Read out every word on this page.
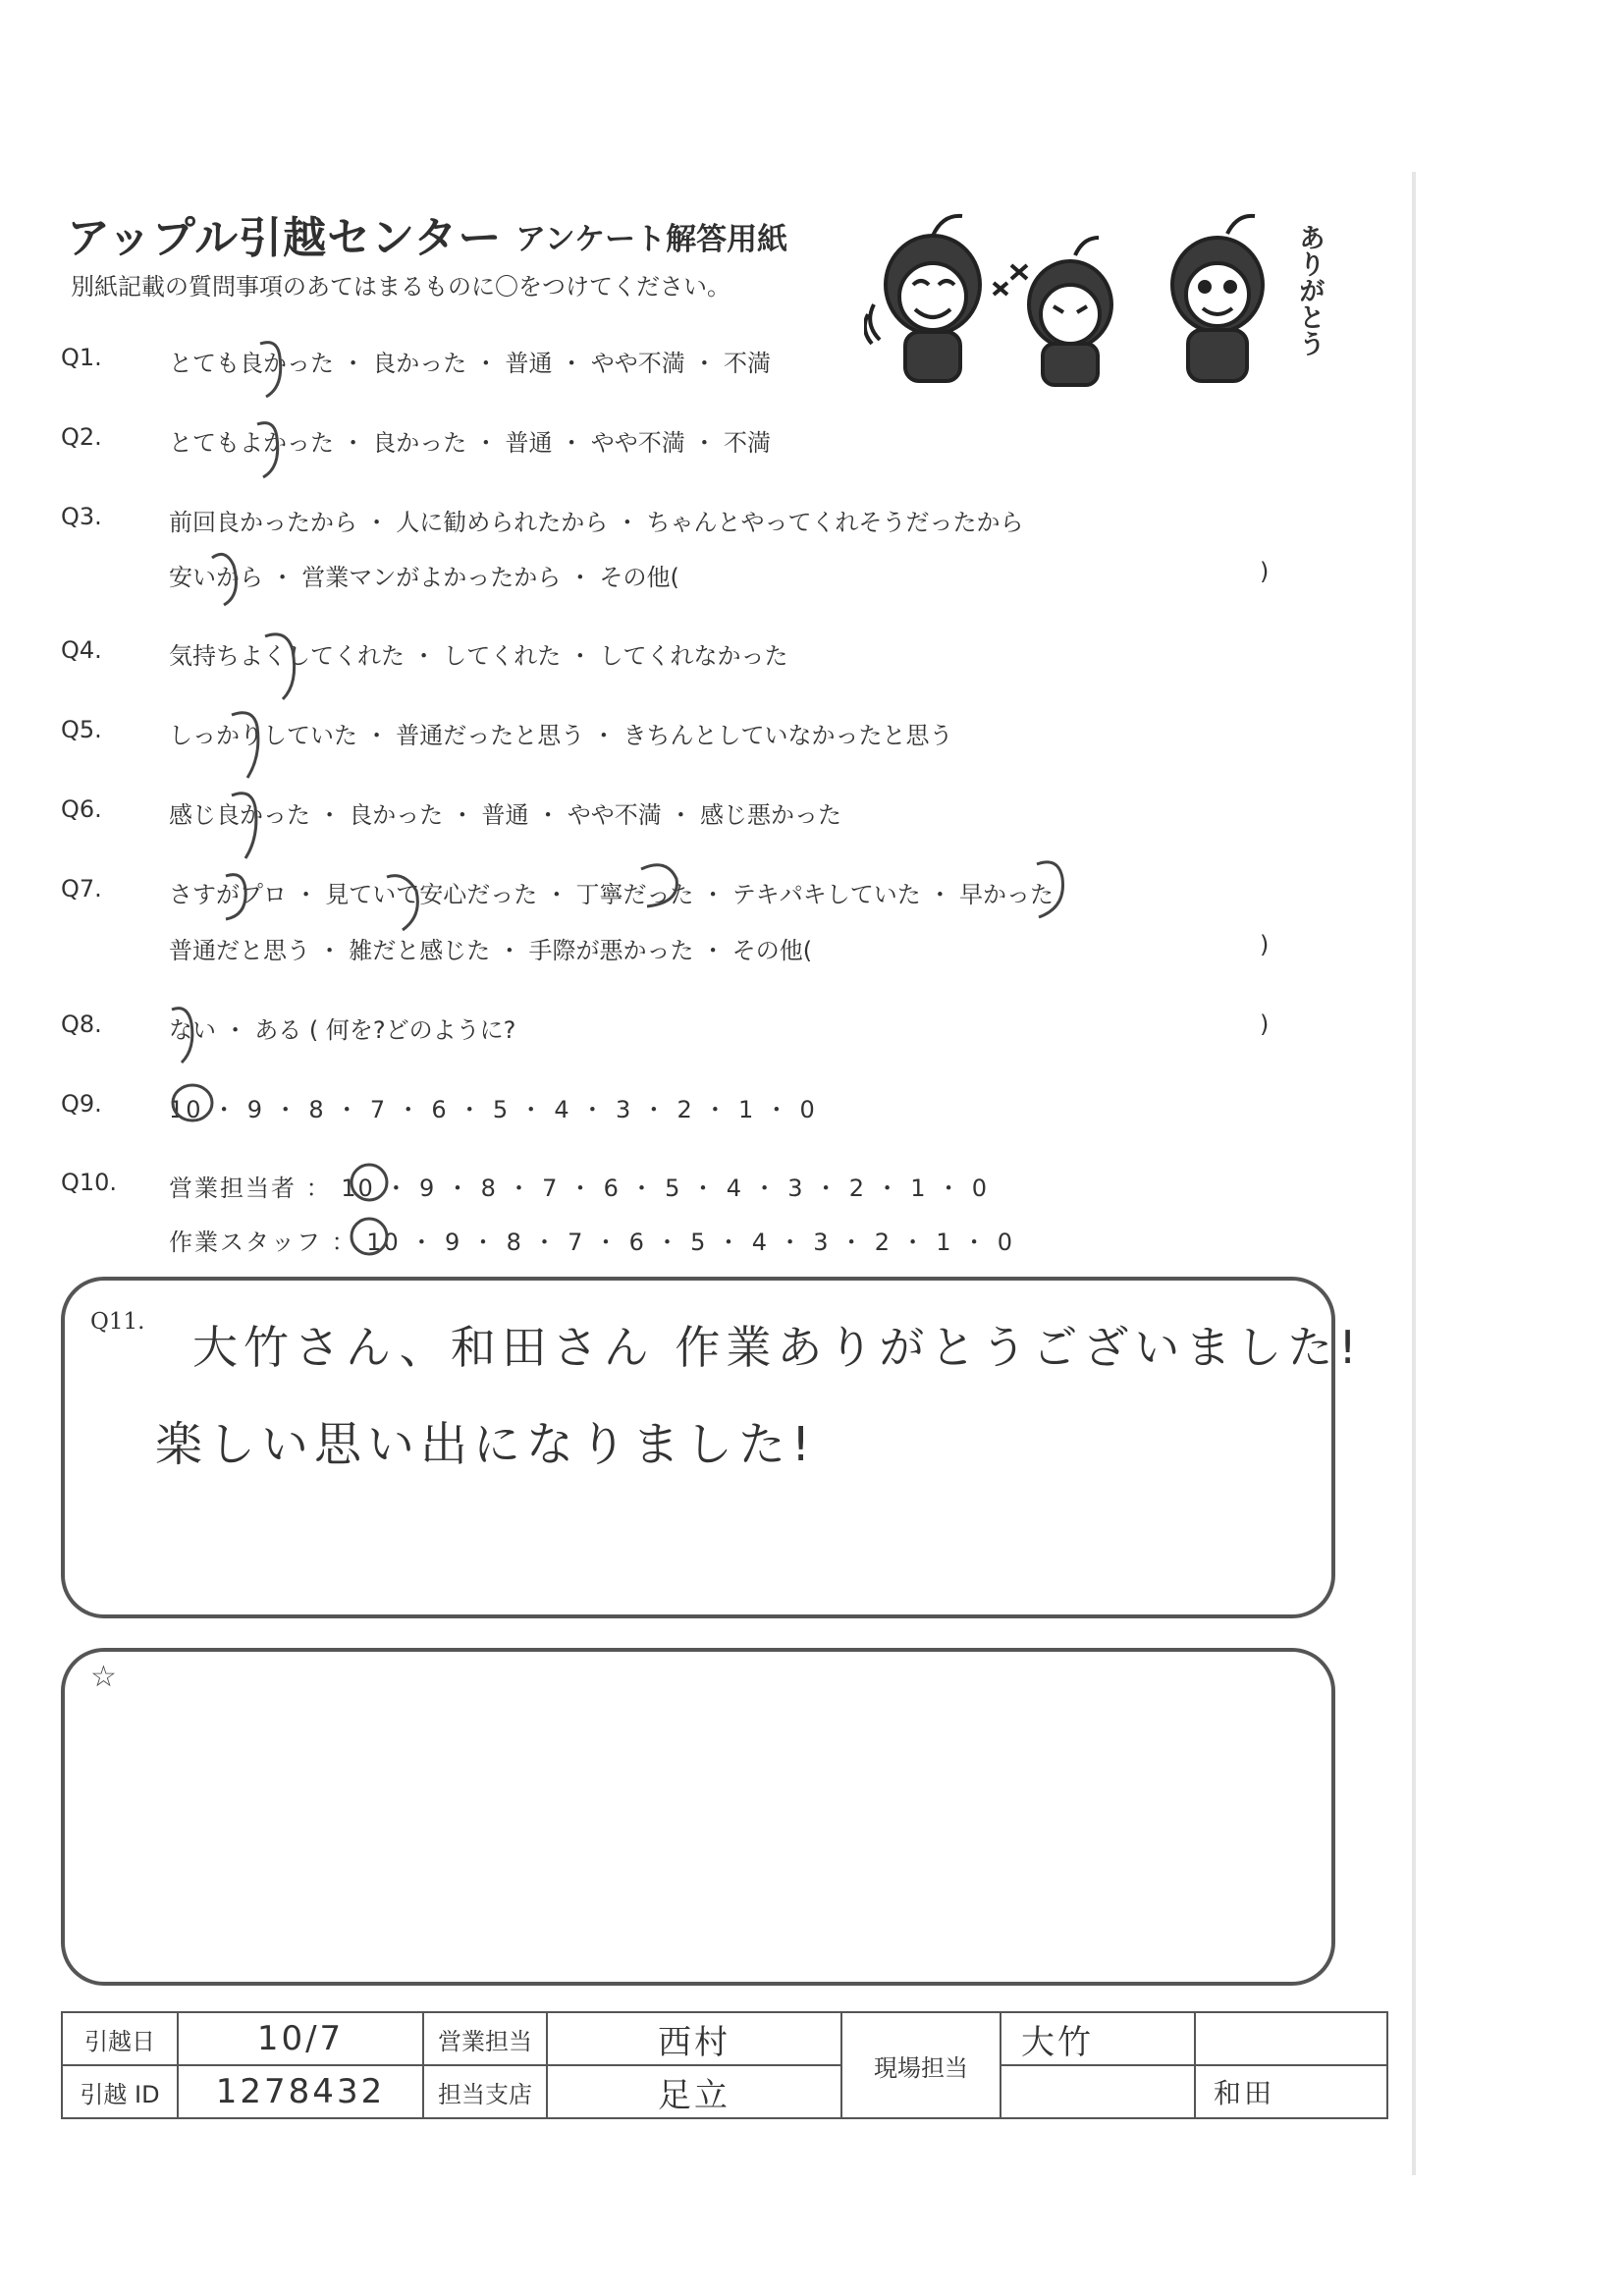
アップル引越センター アンケート解答用紙
別紙記載の質問事項のあてはまるものに〇をつけてください。	ありがとう
Q1.	とても良かった ・ 良かった ・ 普通 ・ やや不満 ・ 不満
Q2.	とてもよかった ・ 良かった ・ 普通 ・ やや不満 ・ 不満
Q3.	前回良かったから ・ 人に勧められたから ・ ちゃんとやってくれそうだったから
安いから ・ 営業マンがよかったから ・ その他(	)
Q4.	気持ちよくしてくれた ・ してくれた ・ してくれなかった
Q5.	しっかりしていた ・ 普通だったと思う ・ きちんとしていなかったと思う
Q6.	感じ良かった ・ 良かった ・ 普通 ・ やや不満 ・ 感じ悪かった
Q7.	さすがプロ ・ 見ていて安心だった ・ 丁寧だった ・ テキパキしていた ・ 早かった
普通だと思う ・ 雑だと感じた ・ 手際が悪かった ・ その他(	)
Q8.	ない ・ ある ( 何を?どのように?	)
Q9.	10 ・ 9 ・ 8 ・ 7 ・ 6 ・ 5 ・ 4 ・ 3 ・ 2 ・ 1 ・ 0
Q10. 営業担当者 ： 10 ・ 9 ・ 8 ・ 7 ・ 6 ・ 5 ・ 4 ・ 3 ・ 2 ・ 1 ・ 0
作業スタッフ ： 10 ・ 9 ・ 8 ・ 7 ・ 6 ・ 5 ・ 4 ・ 3 ・ 2 ・ 1 ・ 0
Q11. 大竹さん、和田さん 作業ありがとうございました!
楽しい思い出になりました!
☆
引越日	10/7	営業担当	西村	現場担当	大竹	
引越 ID	1278432	担当支店	足立			和田
